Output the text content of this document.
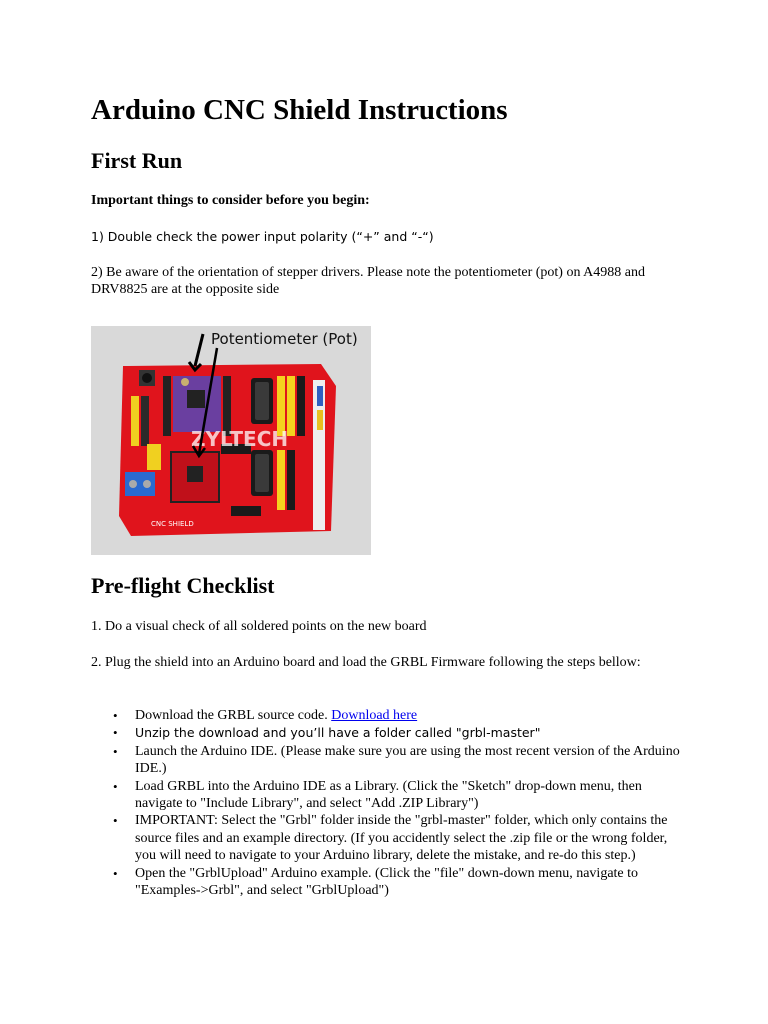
Arduino CNC Shield Instructions
First Run

Important things to consider before you begin:

1) Double check the power input polarity (“+” and “-“)

2) Be aware of the orientation of stepper drivers. Please note the potentiometer (pot) on A4988 and DRV8825 are at the opposite side

ZYLTECH
CNC SHIELD
Potentiometer (Pot)
Pre-flight Checklist

1. Do a visual check of all soldered points on the new board

2. Plug the shield into an Arduino board and load the GRBL Firmware following the steps bellow:

• Download the GRBL source code. Download here
• Unzip the download and you’ll have a folder called "grbl-master"
• Launch the Arduino IDE. (Please make sure you are using the most recent version of the Arduino IDE.)
• Load GRBL into the Arduino IDE as a Library. (Click the "Sketch" drop-down menu, then navigate to "Include Library", and select "Add .ZIP Library")
• IMPORTANT: Select the "Grbl" folder inside the "grbl-master" folder, which only contains the source files and an example directory. (If you accidently select the .zip file or the wrong folder, you will need to navigate to your Arduino library, delete the mistake, and re-do this step.)
• Open the "GrblUpload" Arduino example. (Click the "file" down-down menu, navigate to "Examples->Grbl", and select "GrblUpload")
